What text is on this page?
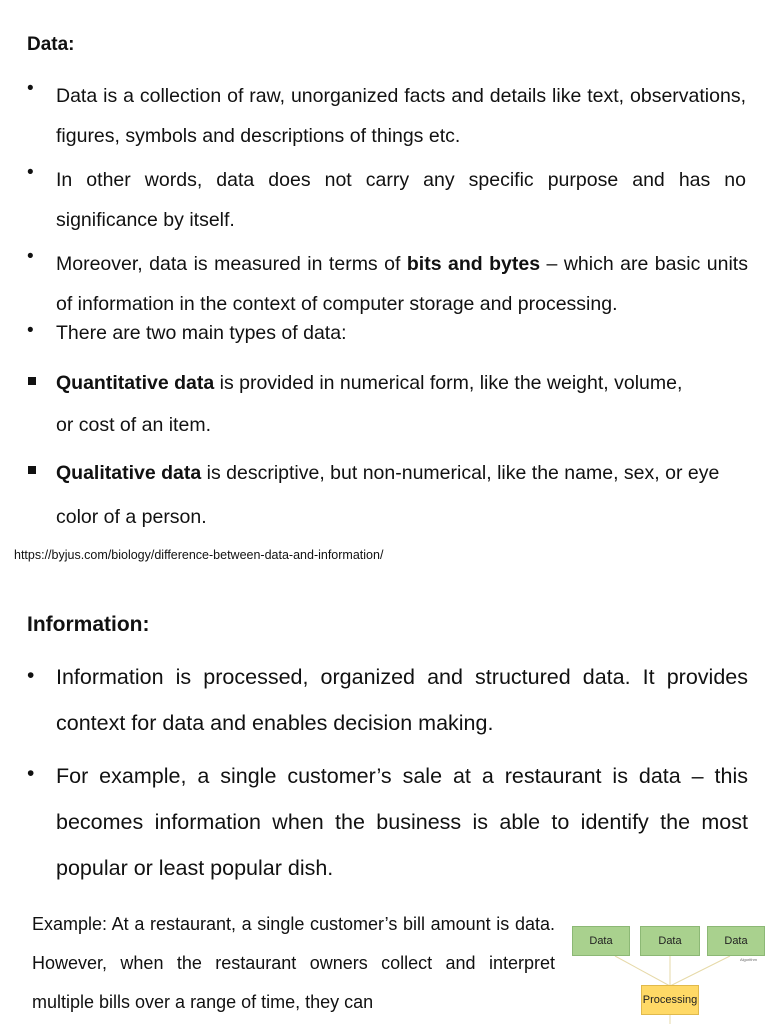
Data:
• Data is a collection of raw, unorganized facts and details like text, observations, figures, symbols and descriptions of things etc.
• In other words, data does not carry any specific purpose and has no significance by itself.
• Moreover, data is measured in terms of bits and bytes – which are basic units of information in the context of computer storage and processing.
• There are two main types of data:
Quantitative data is provided in numerical form, like the weight, volume, or cost of an item.
Qualitative data is descriptive, but non-numerical, like the name, sex, or eye color of a person.
https://byjus.com/biology/difference-between-data-and-information/
Information:
• Information is processed, organized and structured data. It provides context for data and enables decision making.
• For example, a single customer’s sale at a restaurant is data – this becomes information when the business is able to identify the most popular or least popular dish.
Example: At a restaurant, a single customer’s bill amount is data. However, when the restaurant owners collect and interpret multiple bills over a range of time, they can
Data	Data	Data
Algorithm
Processing
